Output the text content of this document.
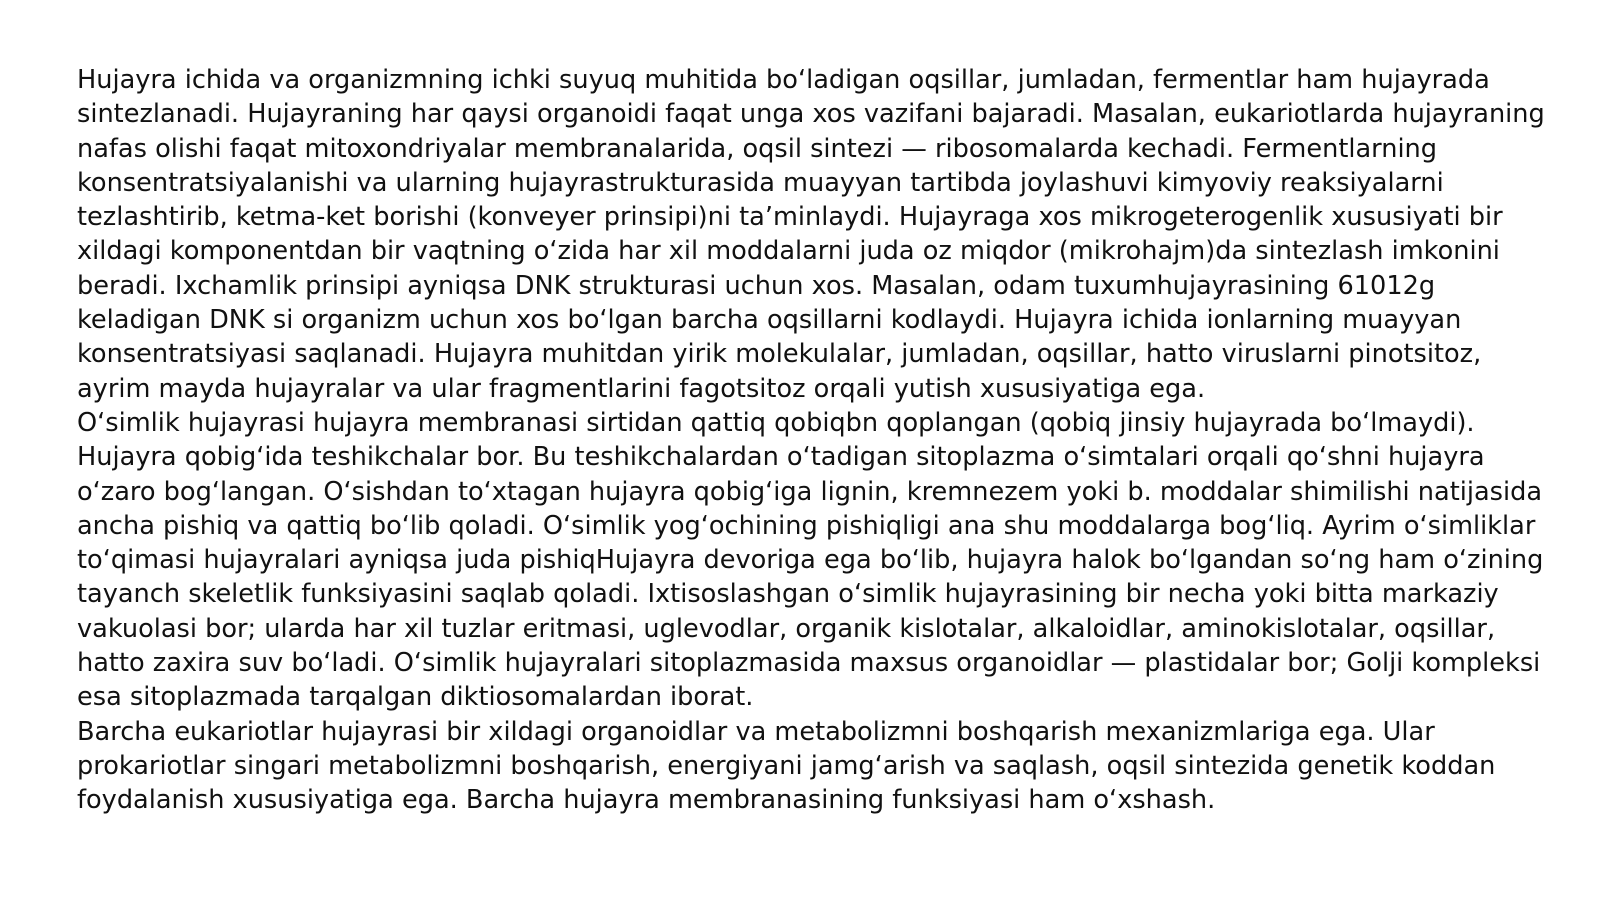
Hujayra ichida va organizmning ichki suyuq muhitida bo‘ladigan oqsillar, jumladan, fermentlar ham hujayrada
sintezlanadi. Hujayraning har qaysi organoidi faqat unga xos vazifani bajaradi. Masalan, eukariotlarda hujayraning
nafas olishi faqat mitoxondriyalar membranalarida, oqsil sintezi — ribosomalarda kechadi. Fermentlarning
konsentratsiyalanishi va ularning hujayrastrukturasida muayyan tartibda joylashuvi kimyoviy reaksiyalarni
tezlashtirib, ketma-ket borishi (konveyer prinsipi)ni ta’minlaydi. Hujayraga xos mikrogeterogenlik xususiyati bir
xildagi komponentdan bir vaqtning o‘zida har xil moddalarni juda oz miqdor (mikrohajm)da sintezlash imkonini
beradi. Ixchamlik prinsipi ayniqsa DNK strukturasi uchun xos. Masalan, odam tuxumhujayrasining 61012g
keladigan DNK si organizm uchun xos bo‘lgan barcha oqsillarni kodlaydi. Hujayra ichida ionlarning muayyan
konsentratsiyasi saqlanadi. Hujayra muhitdan yirik molekulalar, jumladan, oqsillar, hatto viruslarni pinotsitoz,
ayrim mayda hujayralar va ular fragmentlarini fagotsitoz orqali yutish xususiyatiga ega.
O‘simlik hujayrasi hujayra membranasi sirtidan qattiq qobiqbn qoplangan (qobiq jinsiy hujayrada bo‘lmaydi).
Hujayra qobig‘ida teshikchalar bor. Bu teshikchalardan o‘tadigan sitoplazma o‘simtalari orqali qo‘shni hujayra
o‘zaro bog‘langan. O‘sishdan to‘xtagan hujayra qobig‘iga lignin, kremnezem yoki b. moddalar shimilishi natijasida
ancha pishiq va qattiq bo‘lib qoladi. O‘simlik yog‘ochining pishiqligi ana shu moddalarga bog‘liq. Ayrim o‘simliklar
to‘qimasi hujayralari ayniqsa juda pishiqHujayra devoriga ega bo‘lib, hujayra halok bo‘lgandan so‘ng ham o‘zining
tayanch skeletlik funksiyasini saqlab qoladi. Ixtisoslashgan o‘simlik hujayrasining bir necha yoki bitta markaziy
vakuolasi bor; ularda har xil tuzlar eritmasi, uglevodlar, organik kislotalar, alkaloidlar, aminokislotalar, oqsillar,
hatto zaxira suv bo‘ladi. O‘simlik hujayralari sitoplazmasida maxsus organoidlar — plastidalar bor; Golji kompleksi
esa sitoplazmada tarqalgan diktiosomalardan iborat.
Barcha eukariotlar hujayrasi bir xildagi organoidlar va metabolizmni boshqarish mexanizmlariga ega. Ular
prokariotlar singari metabolizmni boshqarish, energiyani jamg‘arish va saqlash, oqsil sintezida genetik koddan
foydalanish xususiyatiga ega. Barcha hujayra membranasining funksiyasi ham o‘xshash.
